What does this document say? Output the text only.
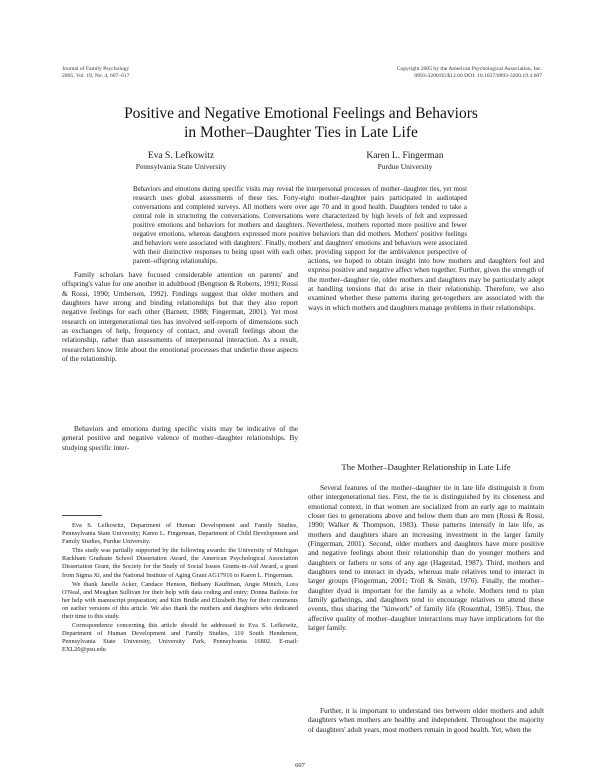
Journal of Family Psychology
2005, Vol. 19, No. 4, 607–617
Copyright 2005 by the American Psychological Association, Inc.
0893-3200/05/$12.00 DOI: 10.1037/0893-3200.19.4.607
Positive and Negative Emotional Feelings and Behaviors
in Mother–Daughter Ties in Late Life
Eva S. Lefkowitz
Pennsylvania State University
Karen L. Fingerman
Purdue University
Behaviors and emotions during specific visits may reveal the interpersonal processes of mother–daughter ties, yet most research uses global assessments of these ties. Forty-eight mother–daughter pairs participated in audiotaped conversations and completed surveys. All mothers were over age 70 and in good health. Daughters tended to take a central role in structuring the conversations. Conversations were characterized by high levels of felt and expressed positive emotions and behaviors for mothers and daughters. Nevertheless, mothers reported more positive and fewer negative emotions, whereas daughters expressed more positive behaviors than did mothers. Mothers' positive feelings and behaviors were associated with daughters'. Finally, mothers' and daughters' emotions and behaviors were associated with their distinctive responses to being upset with each other, providing support for the ambivalence perspective of parent–offspring relationships.

Family scholars have focused considerable attention on parents' and offspring's value for one another in adulthood (Bengtson & Roberts, 1991; Rossi & Rossi, 1990; Umberson, 1992). Findings suggest that older mothers and daughters have strong and binding relationships but that they also report negative feelings for each other (Barnett, 1988; Fingerman, 2001). Yet most research on intergenerational ties has involved self-reports of dimensions such as exchanges of help, frequency of contact, and overall feelings about the relationship, rather than assessments of interpersonal interaction. As a result, researchers know little about the emotional processes that underlie these aspects of the relationship.

Behaviors and emotions during specific visits may be indicative of the general positive and negative valence of mother–daughter relationships. By studying specific inter-

actions, we hoped to obtain insight into how mothers and daughters feel and express positive and negative affect when together. Further, given the strength of the mother–daughter tie, older mothers and daughters may be particularly adept at handling tensions that do arise in their relationship. Therefore, we also examined whether these patterns during get-togethers are associated with the ways in which mothers and daughters manage problems in their relationships.

The Mother–Daughter Relationship in Late Life

Several features of the mother–daughter tie in late life distinguish it from other intergenerational ties. First, the tie is distinguished by its closeness and emotional context, in that women are socialized from an early age to maintain closer ties to generations above and below them than are men (Rossi & Rossi, 1990; Walker & Thompson, 1983). These patterns intensify in late life, as mothers and daughters share an increasing investment in the larger family (Fingerman, 2001). Second, older mothers and daughters have more positive and negative feelings about their relationship than do younger mothers and daughters or fathers or sons of any age (Hagestad, 1987). Third, mothers and daughters tend to interact in dyads, whereas male relatives tend to interact in larger groups (Fingerman, 2001; Troll & Smith, 1976). Finally, the mother–daughter dyad is important for the family as a whole. Mothers tend to plan family gatherings, and daughters tend to encourage relatives to attend these events, thus sharing the "kinwork" of family life (Rosenthal, 1985). Thus, the affective quality of mother–daughter interactions may have implications for the larger family.

Further, it is important to understand ties between older mothers and adult daughters when mothers are healthy and independent. Throughout the majority of daughters' adult years, most mothers remain in good health. Yet, when the

Eva S. Lefkowitz, Department of Human Development and Family Studies, Pennsylvania State University; Karen L. Fingerman, Department of Child Development and Family Studies, Purdue University.

This study was partially supported by the following awards: the University of Michigan Rackham Graduate School Dissertation Award, the American Psychological Association Dissertation Grant, the Society for the Study of Social Issues Grants-in-Aid Award, a grant from Sigma Xi, and the National Institute of Aging Grant AG17916 to Karen L. Fingerman.

We thank Janelle Acker, Candace Henson, Bethany Kauffman, Angie Minich, Lora O'Neal, and Meaghan Sullivan for their help with data coding and entry; Donna Bailous for her help with manuscript preparation; and Kim Bridle and Elizabeth Hay for their comments on earlier versions of this article. We also thank the mothers and daughters who dedicated their time to this study.

Correspondence concerning this article should be addressed to Eva S. Lefkowitz, Department of Human Development and Family Studies, 110 South Henderson, Pennsylvania State University, University Park, Pennsylvania 16802. E-mail: EXL20@psu.edu

607
